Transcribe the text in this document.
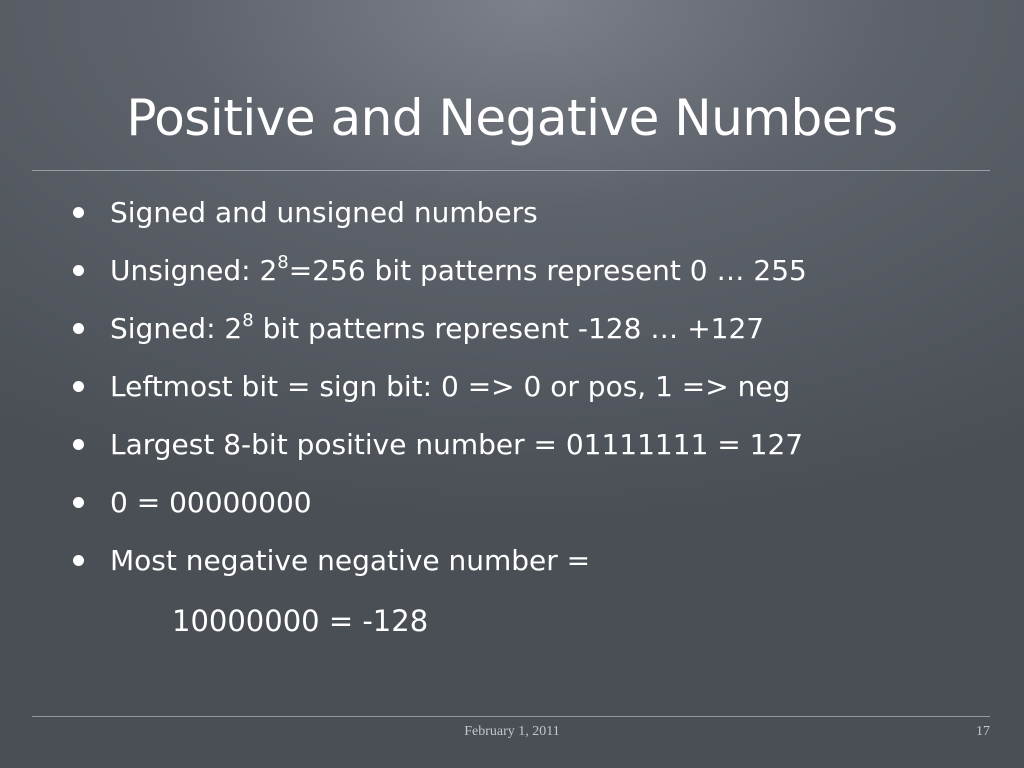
Positive and Negative Numbers
Signed and unsigned numbers
Unsigned: $2^8=256$ bit patterns represent 0 … 255
Signed: $2^8$ bit patterns represent -128 … +127
Leftmost bit = sign bit: 0 => 0 or pos, 1 => neg
Largest 8-bit positive number = 01111111 = 127
0 = 00000000
Most negative negative number =
10000000 = -128
February 1, 2011	17
